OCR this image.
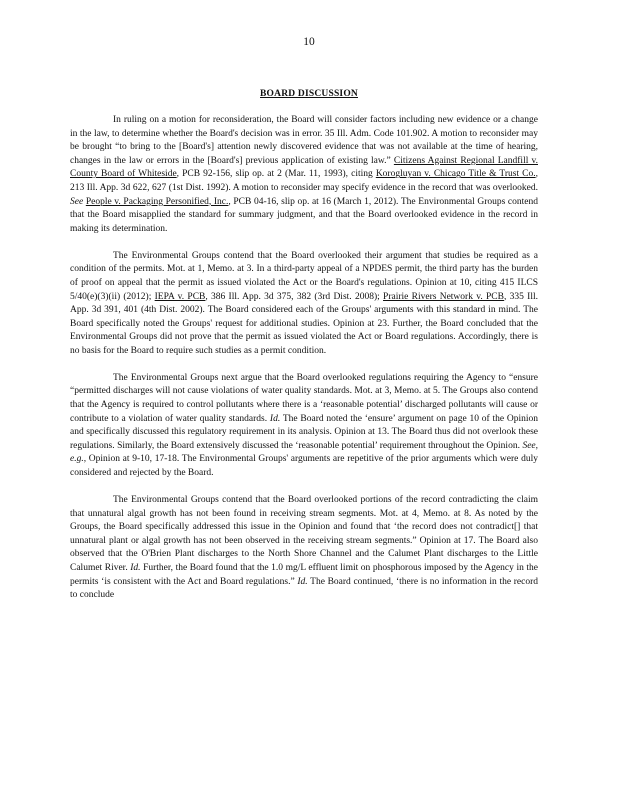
10
BOARD DISCUSSION

In ruling on a motion for reconsideration, the Board will consider factors including new evidence or a change in the law, to determine whether the Board's decision was in error. 35 Ill. Adm. Code 101.902. A motion to reconsider may be brought “to bring to the [Board's] attention newly discovered evidence that was not available at the time of hearing, changes in the law or errors in the [Board's] previous application of existing law.” Citizens Against Regional Landfill v. County Board of Whiteside, PCB 92-156, slip op. at 2 (Mar. 11, 1993), citing Korogluyan v. Chicago Title & Trust Co., 213 Ill. App. 3d 622, 627 (1st Dist. 1992). A motion to reconsider may specify evidence in the record that was overlooked. See People v. Packaging Personified, Inc., PCB 04-16, slip op. at 16 (March 1, 2012). The Environmental Groups contend that the Board misapplied the standard for summary judgment, and that the Board overlooked evidence in the record in making its determination.

The Environmental Groups contend that the Board overlooked their argument that studies be required as a condition of the permits. Mot. at 1, Memo. at 3. In a third-party appeal of a NPDES permit, the third party has the burden of proof on appeal that the permit as issued violated the Act or the Board's regulations. Opinion at 10, citing 415 ILCS 5/40(e)(3)(ii) (2012); IEPA v. PCB, 386 Ill. App. 3d 375, 382 (3rd Dist. 2008); Prairie Rivers Network v. PCB, 335 Ill. App. 3d 391, 401 (4th Dist. 2002). The Board considered each of the Groups' arguments with this standard in mind. The Board specifically noted the Groups' request for additional studies. Opinion at 23. Further, the Board concluded that the Environmental Groups did not prove that the permit as issued violated the Act or Board regulations. Accordingly, there is no basis for the Board to require such studies as a permit condition.

The Environmental Groups next argue that the Board overlooked regulations requiring the Agency to “ensure “permitted discharges will not cause violations of water quality standards. Mot. at 3, Memo. at 5. The Groups also contend that the Agency is required to control pollutants where there is a ‘reasonable potential’ discharged pollutants will cause or contribute to a violation of water quality standards. Id. The Board noted the ‘ensure’ argument on page 10 of the Opinion and specifically discussed this regulatory requirement in its analysis. Opinion at 13. The Board thus did not overlook these regulations. Similarly, the Board extensively discussed the ‘reasonable potential’ requirement throughout the Opinion. See, e.g., Opinion at 9-10, 17-18. The Environmental Groups' arguments are repetitive of the prior arguments which were duly considered and rejected by the Board.

The Environmental Groups contend that the Board overlooked portions of the record contradicting the claim that unnatural algal growth has not been found in receiving stream segments. Mot. at 4, Memo. at 8. As noted by the Groups, the Board specifically addressed this issue in the Opinion and found that ‘the record does not contradict[] that unnatural plant or algal growth has not been observed in the receiving stream segments.” Opinion at 17. The Board also observed that the O'Brien Plant discharges to the North Shore Channel and the Calumet Plant discharges to the Little Calumet River. Id. Further, the Board found that the 1.0 mg/L effluent limit on phosphorous imposed by the Agency in the permits ‘is consistent with the Act and Board regulations.” Id. The Board continued, ‘there is no information in the record to conclude
